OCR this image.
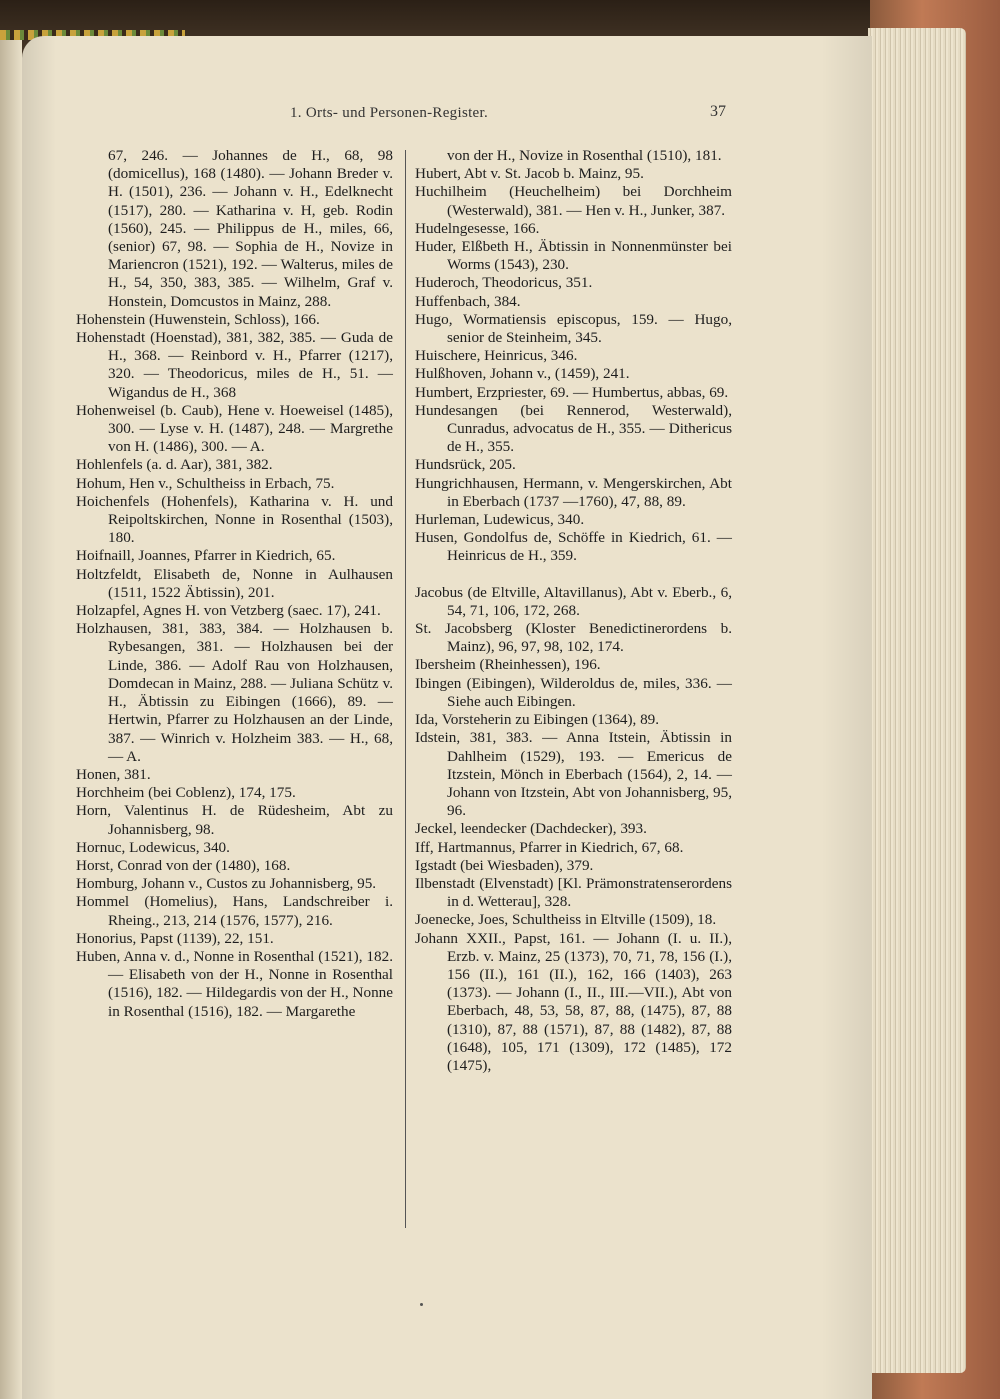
1. Orts- und Personen-Register.	37

67, 246. — Johannes de H., 68, 98 (domicellus), 168 (1480). — Johann Breder v. H. (1501), 236. — Johann v. H., Edelknecht (1517), 280. — Katharina v. H, geb. Rodin (1560), 245. — Philippus de H., miles, 66, (senior) 67, 98. — Sophia de H., Novize in Mariencron (1521), 192. — Walterus, miles de H., 54, 350, 383, 385. — Wilhelm, Graf v. Honstein, Domcustos in Mainz, 288.

Hohenstein (Huwenstein, Schloss), 166.

Hohenstadt (Hoenstad), 381, 382, 385. — Guda de H., 368. — Reinbord v. H., Pfarrer (1217), 320. — Theodoricus, miles de H., 51. — Wigandus de H., 368

Hohenweisel (b. Caub), Hene v. Hoeweisel (1485), 300. — Lyse v. H. (1487), 248. — Margrethe von H. (1486), 300. — A.

Hohlenfels (a. d. Aar), 381, 382.

Hohum, Hen v., Schultheiss in Erbach, 75.

Hoichenfels (Hohenfels), Katharina v. H. und Reipoltskirchen, Nonne in Rosenthal (1503), 180.

Hoifnaill, Joannes, Pfarrer in Kiedrich, 65.

Holtzfeldt, Elisabeth de, Nonne in Aulhausen (1511, 1522 Äbtissin), 201.

Holzapfel, Agnes H. von Vetzberg (saec. 17), 241.

Holzhausen, 381, 383, 384. — Holzhausen b. Rybesangen, 381. — Holzhausen bei der Linde, 386. — Adolf Rau von Holzhausen, Domdecan in Mainz, 288. — Juliana Schütz v. H., Äbtissin zu Eibingen (1666), 89. — Hertwin, Pfarrer zu Holzhausen an der Linde, 387. — Winrich v. Holzheim 383. — H., 68, — A.

Honen, 381.

Horchheim (bei Coblenz), 174, 175.

Horn, Valentinus H. de Rüdesheim, Abt zu Johannisberg, 98.

Hornuc, Lodewicus, 340.

Horst, Conrad von der (1480), 168.

Homburg, Johann v., Custos zu Johannisberg, 95.

Hommel (Homelius), Hans, Landschreiber i. Rheing., 213, 214 (1576, 1577), 216.

Honorius, Papst (1139), 22, 151.

Huben, Anna v. d., Nonne in Rosenthal (1521), 182. — Elisabeth von der H., Nonne in Rosenthal (1516), 182. — Hildegardis von der H., Nonne in Rosenthal (1516), 182. — Margarethe

von der H., Novize in Rosenthal (1510), 181.

Hubert, Abt v. St. Jacob b. Mainz, 95.

Huchilheim (Heuchelheim) bei Dorchheim (Westerwald), 381. — Hen v. H., Junker, 387.

Hudelngesesse, 166.

Huder, Elßbeth H., Äbtissin in Nonnenmünster bei Worms (1543), 230.

Huderoch, Theodoricus, 351.

Huffenbach, 384.

Hugo, Wormatiensis episcopus, 159. — Hugo, senior de Steinheim, 345.

Huischere, Heinricus, 346.

Hulßhoven, Johann v., (1459), 241.

Humbert, Erzpriester, 69. — Humbertus, abbas, 69.

Hundesangen (bei Rennerod, Westerwald), Cunradus, advocatus de H., 355. — Dithericus de H., 355.

Hundsrück, 205.

Hungrichhausen, Hermann, v. Mengerskirchen, Abt in Eberbach (1737 —1760), 47, 88, 89.

Hurleman, Ludewicus, 340.

Husen, Gondolfus de, Schöffe in Kiedrich, 61. — Heinricus de H., 359.

Jacobus (de Eltville, Altavillanus), Abt v. Eberb., 6, 54, 71, 106, 172, 268.

St. Jacobsberg (Kloster Benedictinerordens b. Mainz), 96, 97, 98, 102, 174.

Ibersheim (Rheinhessen), 196.

Ibingen (Eibingen), Wilderoldus de, miles, 336. — Siehe auch Eibingen.

Ida, Vorsteherin zu Eibingen (1364), 89.

Idstein, 381, 383. — Anna Itstein, Äbtissin in Dahlheim (1529), 193. — Emericus de Itzstein, Mönch in Eberbach (1564), 2, 14. — Johann von Itzstein, Abt von Johannisberg, 95, 96.

Jeckel, leendecker (Dachdecker), 393.

Iff, Hartmannus, Pfarrer in Kiedrich, 67, 68.

Igstadt (bei Wiesbaden), 379.

Ilbenstadt (Elvenstadt) [Kl. Prämonstratenserordens in d. Wetterau], 328.

Joenecke, Joes, Schultheiss in Eltville (1509), 18.

Johann XXII., Papst, 161. — Johann (I. u. II.), Erzb. v. Mainz, 25 (1373), 70, 71, 78, 156 (I.), 156 (II.), 161 (II.), 162, 166 (1403), 263 (1373). — Johann (I., II., III.—VII.), Abt von Eberbach, 48, 53, 58, 87, 88, (1475), 87, 88 (1310), 87, 88 (1571), 87, 88 (1482), 87, 88 (1648), 105, 171 (1309), 172 (1485), 172 (1475),
